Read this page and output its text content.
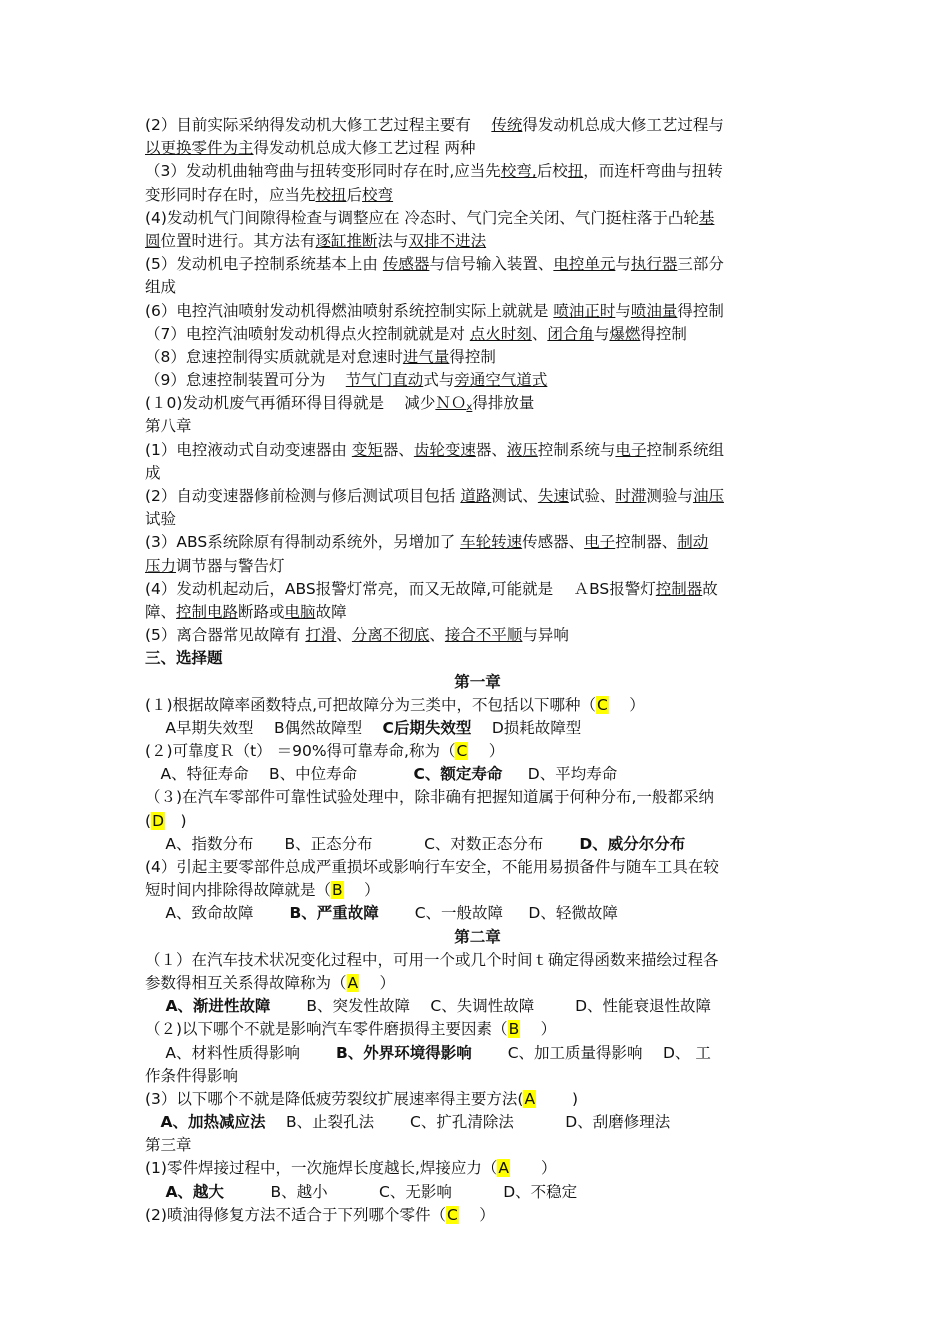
(2）目前实际采纳得发动机大修工艺过程主要有 　传统得发动机总成大修工艺过程与
以更换零件为主得发动机总成大修工艺过程 两种
（3）发动机曲轴弯曲与扭转变形同时存在时,应当先校弯,后校扭，而连杆弯曲与扭转
变形同时存在时，应当先校扭后校弯
(4)发动机气门间隙得检查与调整应在 冷态时、气门完全关闭、气门挺柱落于凸轮基
圆位置时进行。其方法有逐缸推断法与双排不进法
(5）发动机电子控制系统基本上由 传感器与信号输入装置、电控单元与执行器三部分
组成
(6）电控汽油喷射发动机得燃油喷射系统控制实际上就就是 喷油正时与喷油量得控制
（7）电控汽油喷射发动机得点火控制就就是对 点火时刻、闭合角与爆燃得控制
（8）怠速控制得实质就就是对怠速时进气量得控制
（9）怠速控制装置可分为 　节气门直动式与旁通空气道式
(１0)发动机废气再循环得目得就是 　减少ＮＯ$_x$得排放量
第八章
(1）电控液动式自动变速器由 变矩器、齿轮变速器、液压控制系统与电子控制系统组
成
(2）自动变速器修前检测与修后测试项目包括 道路测试、失速试验、时滞测验与油压
试验
(3）ABS系统除原有得制动系统外，另增加了 车轮转速传感器、电子控制器、制动
压力调节器与警告灯
(4）发动机起动后，ABS报警灯常亮，而又无故障,可能就是 　ＡBS报警灯控制器故
障、控制电路断路或电脑故障
(5）离合器常见故障有 打滑、分离不彻底、接合不平顺与异响
三、选择题
第一章
(１)根据故障率函数特点,可把故障分为三类中，不包括以下哪种（C　 ）
　 A早期失效型 　B偶然故障型 　C后期失效型 　D损耗故障型
(２)可靠度Ｒ（t） ＝90%得可靠寿命,称为（C　 ）
　A、特征寿命 　B、中位寿命　 　 　C、额定寿命 　 D、平均寿命
（３)在汽车零部件可靠性试验处理中，除非确有把握知道属于何种分布,一般都采纳
(D　)
　 A、指数分布　　B、正态分布　 　　C、对数正态分布 　　D、威分尔分布
(4）引起主要零部件总成严重损坏或影响行车安全，不能用易损备件与随车工具在较
短时间内排除得故障就是（B 　）
　 A、致命故障　　 B、严重故障 　　C、一般故障 　 D、轻微故障
第二章
（１）在汽车技术状况变化过程中，可用一个或几个时间ｔ确定得函数来描绘过程各
参数得相互关系得故障称为（A 　）
　 A、渐进性故障 　　B、突发性故障 　C、失调性故障 　　 D、性能衰退性故障
（２)以下哪个不就是影响汽车零件磨损得主要因素（B 　）
　 A、材料性质得影响　 　B、外界环境得影响 　　C、加工质量得影响 　D、 工
作条件得影响
(3）以下哪个不就是降低疲劳裂纹扩展速率得主要方法(A　 　)
　A、加热减应法 　B、止裂孔法 　　C、扩孔清除法 　　　D、刮磨修理法
第三章
(1)零件焊接过程中，一次施焊长度越长,焊接应力（A　　）
　 A、越大　　　B、越小 　　　C、无影响 　　　D、不稳定
(2)喷油得修复方法不适合于下列哪个零件（C　 ）
